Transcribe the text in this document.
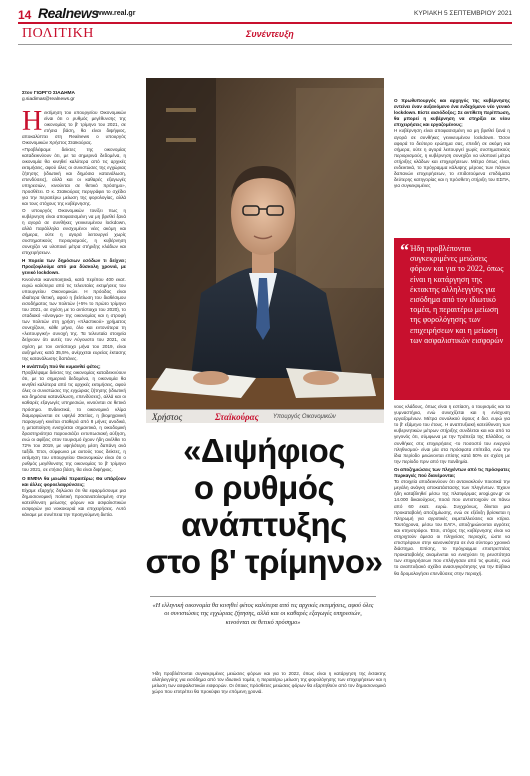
14 Realnews
www.real.gr	ΚΥΡΙΑΚΗ 5 ΣΕΠΤΕΜΒΡΙΟΥ 2021
ΠΟΛΙΤΙΚΗ	Συνέντευξη
Στον ΓΙΩΡΓΟ ΣΙΑΔΗΜΑ
g.siadimas@realnews.gr
Η εκτίμηση του υπουργείου Οικονομικών είναι ότι ο ρυθμός μεγέθυνσης της οικονομίας το β' τρίμηνο του 2021, σε ετήσια βάση, θα είναι διψήφιος, αποκαλύπτει στη Realnews ο υπουργός Οικονομικών Χρήστος Σταϊκούρας.

«Προβλέψαμε δείκτες της οικονομίας καταδεικνύουν ότι, με τα σημερινά δεδομένα, η οικονομία θα κινηθεί καλύτερα από τις αρχικές εκτιμήσεις, αφού όλες οι συνιστώσες της εγχώριας ζήτησης (ιδιωτική και δημόσια κατανάλωση, επενδύσεις), αλλά και οι καθαρές εξαγωγές υπηρεσιών, κινούνται σε θετικό πρόσημο», προσθέτει. Ο κ. Σταϊκούρας περιγράφει το σχέδιο για την περαιτέρω μείωση της φορολογίας, αλλά και τους στόχους της κυβέρνησης.

Ο υπουργός Οικονομικών τονίζει πως η κυβέρνηση είναι αποφασισμένη να μη βρεθεί ξανά η αγορά σε συνθήκες γενικευμένου lockdown, αλλά παράλληλα ενισχυμένοι νέες ακόμη και σήμερα, ούτε η αγορά λειτουργεί χωρίς συστηματικούς περιορισμούς, η κυβέρνηση συνεχίζει να υλοποιεί μέτρα στήριξης κλάδων και επιχειρήσεων.

Η πορεία των δημόσιων εσόδων τι δείχνει; Προεξοφλούμε από μια δύσκολη χρονιά, με γενικό lockdown.

Κινούνται ικανοποιητικά, κατά περίπου 400 εκατ. ευρώ καλύτερα από τις τελευταίες εκτιμήσεις του υπουργείου Οικονομικών. Η πρόοδος είναι ιδιαίτερα θετική, αφού η βελτίωση του διαθέσιμου εισοδήματος των πολιτών (+5% το πρώτο τρίμηνο του 2021, σε σχέση με το αντίστοιχο του 2020), το σταδιακό «άνοιγμα» της οικονομίας και η στροφή των πολιτών στη χρήση «πλαστικού» χρήματος συνεχίζουν, κάθε μήνα, όλο και εντονότερα τη «λειτουργική» συνοχή της. Τα τελευταία στοιχεία δείχνουν ότι αυτές τον Αύγουστο του 2021, σε σχέση με τον αντίστοιχο μήνα του 2019, είναι αυξημένες κατά 35,5%, ανέρχεται ευρείας έκτασης της κατανάλωσης δαπάνες.

Η ανάπτυξη πού θα κυμανθεί φέτος;

Προβλέψαμε δείκτες της οικονομίας καταδεικνύουν ότι, με τα σημερινά δεδομένα, η οικονομία θα κινηθεί καλύτερα από τις αρχικές εκτιμήσεις, αφού όλες οι συνιστώσες της εγχώριας ζήτησης (ιδιωτική και δημόσια κατανάλωση, επενδύσεις), αλλά και οι καθαρές εξαγωγές υπηρεσιών, κινούνται σε θετικό πρόσημο. Ενδεικτικά, το οικονομικό κλίμα διαμορφώνεται σε υψηλό 20ετίας, η βιομηχανική παραγωγή κινείται σταθερά από 8 μήνες ανοδικά, η μεταποίηση ενισχύεται σημαντικά, η οικοδομική δραστηριότητα παρουσιάζει εντυπωσιακή αύξηση, ενώ οι αφίξεις στον τουρισμό έχουν ήδη ανέλθει το 72% του 2019, με υψηλότερη μέση δαπάνη ανά ταξίδι. Έτσι, σύμφωνα με αυτούς τους δείκτες, η εκτίμηση του υπουργείου Οικονομικών είναι ότι ο ρυθμός μεγέθυνσης της οικονομίας το β' τρίμηνο του 2021, σε ετήσια βάση, θα είναι διψήφιος.

Ο ΕΝΦΙΑ θα μειωθεί περαιτέρω; Θα υπάρξουν και άλλες φοροελαφρύνσεις;

Είχαμε εξαρχής δηλώσει ότι θα εφαρμόσουμε μια δημοσιονομική πολιτική προσανατολισμένη στην κατεύθυνση μείωσης φόρων και ασφαλιστικών εισφορών για νοικοκυριά και επιχειρήσεις. Αυτό κάναμε με συνέπεια την προηγούμενη διετία.

Χρήστος	Σταϊκούρας Υπουργός Οικονομικών
«Διψήφιος
ο ρυθμός
ανάπτυξης
στο β' τρίμηνο»
«Η ελληνική οικονομία θα κινηθεί φέτος καλύτερα από τις αρχικές εκτιμήσεις, αφού όλες οι συνιστώσες της εγχώριας ζήτησης, αλλά και οι καθαρές εξαγωγές υπηρεσιών, κινούνται σε θετικό πρόσημο»
Ήδη προβλέπονται συγκεκριμένες μειώσεις φόρων και για το 2022, όπως είναι η κατάργηση της έκτακτης αλληλεγγύης για εισόδημα από τον ιδιωτικό τομέα, η περαιτέρω μείωση της φορολόγησης των επιχειρήσεων και η μείωση των ασφαλιστικών εισφορών. Οι όποιες πρόσθετες μειώσεις φόρων θα εξαρτηθούν από τον δημοσιονομικό χώρο που επιτρέπει θα προκύψει την επόμενη χρονιά.

Ο πρωθυπουργός και αρχηγός της κυβέρνησης εντείνει έναν αυξανόμενο ένα ενδεχόμενο νέο γενικό lockdown. Είστε αισιόδοξος; Σε αντίθετη περίπτωση, θα μπορεί η κυβέρνηση να στηρίξει εκ νέου επιχειρήσεις και εργαζομένους;

Η κυβέρνηση είναι αποφασισμένη να μη βρεθεί ξανά η αγορά σε συνθήκες γενικευμένου lockdown. Όσον αφορά το δεύτερο ερώτημα σας, επειδή σε ακόμη και σήμερα, ούτε η αγορά λειτουργεί χωρίς συστηματικούς περιορισμούς, η κυβέρνηση συνεχίζει να υλοποιεί μέτρα στήριξης κλάδων και επιχειρήσεων. Μέτρα όπως είναι, ενδεικτικά, το πρόγραμμα κάλυψης μέρους των πάγιων δαπανών επιχειρήσεων, το επιδοτούμενα επιδόματα δεύτερης κατηγορίας και η πρόσθετη στήριξη του ΕΣΠΑ, για συγκεκριμένες

“ Ήδη προβλέπονται συγκεκριμένες μειώσεις φόρων και για το 2022, όπως είναι η κατάργηση της έκτακτης αλληλεγγύης για εισόδημα από τον ιδιωτικό τομέα, η περαιτέρω μείωση της φορολόγησης των επιχειρήσεων και η μείωση των ασφαλιστικών εισφορών

νους κλάδους, όπως είναι η εστίαση, ο τουρισμός και τα γυμναστήρια, ενώ συνεχίζεται και η ενίσχυση εργαζομένων. Μέτρα συνολικού ύψους 4 δισ. ευρώ για το β' εξάμηνο του έτους. Η αναπτυξιακή κατεύθυνση των κυβερνητικών μέτρων στήριξης συνδέεται και και από τα γεγονός ότι, σύμφωνα με την Τράπεζα της Ελλάδος, οι συνθήκες στις επιχειρήσεις -το ποσοστό του ενεργού πληθυσμού- είναι μία στα πρόσφατα επίπεδα, ενώ την ίδια περίοδο μειώνονται επίσης κατά 50% σε σχέση με την περίοδο πριν από την πανδημία.

Οι αποζημιώσεις των πληγέντων από τις πρόσφατες πυρκαγιές πού διανέμονται;

Τα στοιχεία αποδεικνύουν ότι αντανακλούν ποιοτικά την μεγάλη ανάγκη αποκατάστασης των πληγέντων. Έχουν ήδη καταβληθεί μέσω της πλατφόρμας arogi.gov.gr σε 14.000 δικαιούχους, ποσά που αντιστοιχούν σε πάνω από 60 εκατ. ευρώ. Συγχρόνως, δίνεται μια προκαταβολή αποζημίωσης, ενώ σε εξέλιξη βρίσκεται η πληρωμή για αγροτικές εκμεταλλεύσεις και κτίρια. Ταυτόχρονα, μέσω του ΕΛΓΑ, αποζημιώνονται αγρότες και κτηνοτρόφοι. Έτσι, στόχος της κυβέρνησης είναι να στηριχτούν άμεσα οι πληγείσες περιοχές, ώστε να επιστρέψουν στην κανονικότητα σε ένα σύντομο χρονικό διάστημα. Επίσης, το πρόγραμμα επιστρεπτέας προκαταβολής αναμένεται να ενισχύσει τη ρευστότητα των επιχειρήσεων που επλήγησαν από τις φωτιές, ενώ το αναπτυξιακό σχέδιο ανασυγκρότησης για την Εύβοια θα δρομολογήσει επενδύσεις στην περιοχή.
